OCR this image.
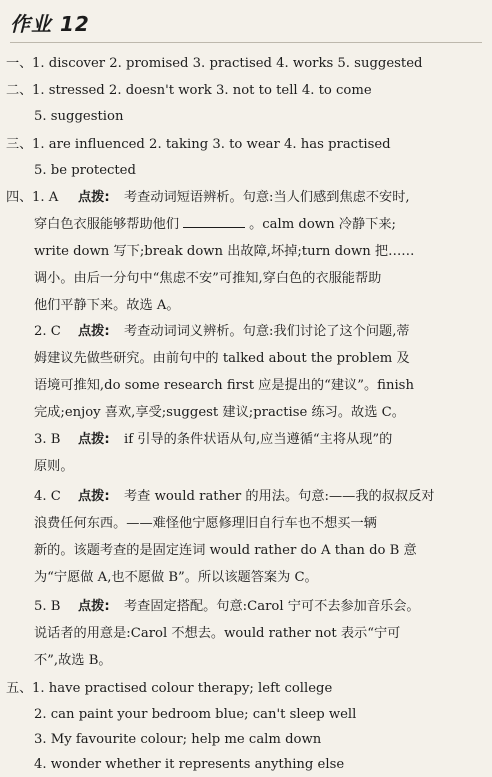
作业 12
一、 1. discover 2. promised 3. practised 4. works 5. suggested
二、 1. stressed 2. doesn't work 3. not to tell 4. to come
5. suggestion
三、 1. are influenced 2. taking 3. to wear 4. has practised
5. be protected
四、 1. A 点拨: 考查动词短语辨析。句意:当人们感到焦虑不安时,
穿白色衣服能够帮助他们	。calm down 冷静下来;
write down 写下;break down 出故障,坏掉;turn down 把……
调小。由后一分句中“焦虑不安”可推知,穿白色的衣服能帮助
他们平静下来。故选 A。
2. C 点拨: 考查动词词义辨析。句意:我们讨论了这个问题,蒂
姆建议先做些研究。由前句中的 talked about the problem 及
语境可推知,do some research first 应是提出的“建议”。finish
完成;enjoy 喜欢,享受;suggest 建议;practise 练习。故选 C。
3. B 点拨: if 引导的条件状语从句,应当遵循“主将从现”的
原则。
4. C 点拨: 考查 would rather 的用法。句意:——我的叔叔反对
浪费任何东西。——难怪他宁愿修理旧自行车也不想买一辆
新的。该题考查的是固定连词 would rather do A than do B 意
为“宁愿做 A,也不愿做 B”。所以该题答案为 C。
5. B 点拨: 考查固定搭配。句意:Carol 宁可不去参加音乐会。
说话者的用意是:Carol 不想去。would rather not 表示“宁可
不”,故选 B。
五、 1. have practised colour therapy; left college
2. can paint your bedroom blue; can't sleep well
3. My favourite colour; help me calm down
4. wonder whether it represents anything else
